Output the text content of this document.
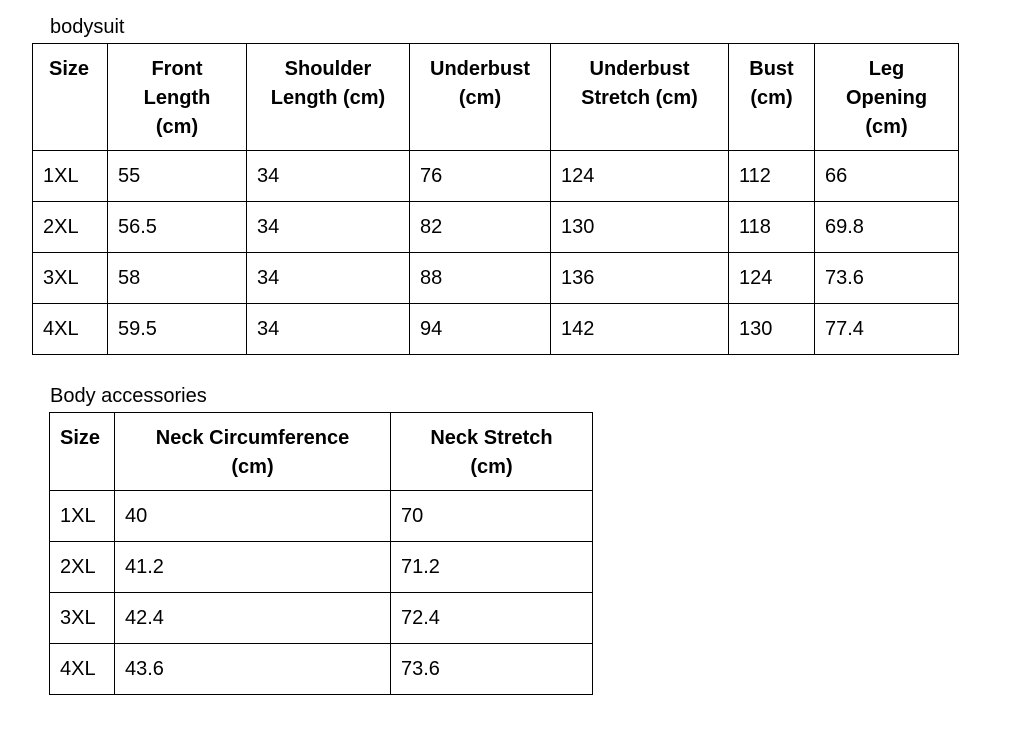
bodysuit
Size	Front Length (cm)	Shoulder Length (cm)	Underbust (cm)	Underbust Stretch (cm)	Bust (cm)	Leg Opening (cm)
1XL	55	34	76	124	112	66
2XL	56.5	34	82	130	118	69.8
3XL	58	34	88	136	124	73.6
4XL	59.5	34	94	142	130	77.4
Body accessories
Size	Neck Circumference (cm)	Neck Stretch (cm)
1XL	40	70
2XL	41.2	71.2
3XL	42.4	72.4
4XL	43.6	73.6
